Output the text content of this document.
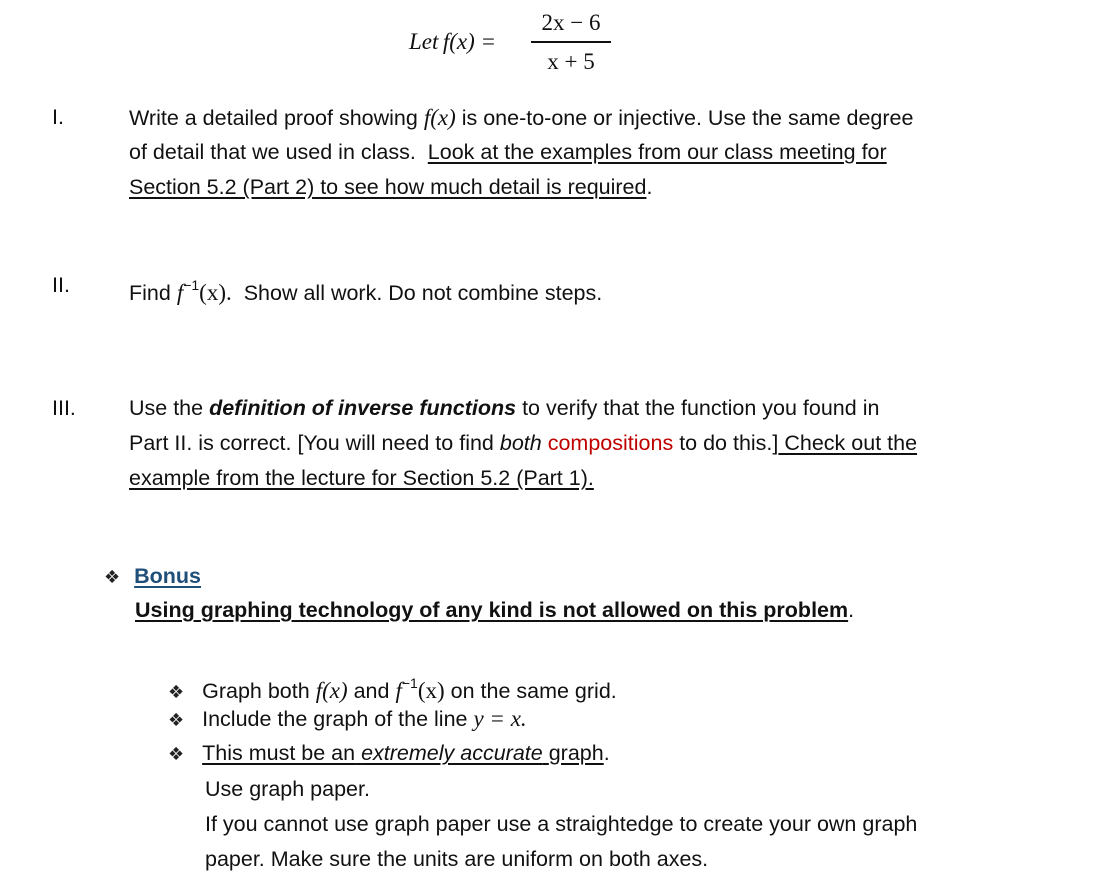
Let f(x) =
2x − 6
x + 5
I.	Write a detailed proof showing f(x) is one-to-one or injective. Use the same degree
of detail that we used in class. Look at the examples from our class meeting for
Section 5.2 (Part 2) to see how much detail is required.
II.	Find $f^{-1}(x)$. Show all work. Do not combine steps.
III. Use the definition of inverse functions to verify that the function you found in
Part II. is correct. [You will need to find both compositions to do this.] Check out the
example from the lecture for Section 5.2 (Part 1).
❖ Bonus
Using graphing technology of any kind is not allowed on this problem.
❖ Graph both f(x) and $f^{-1}(x)$ on the same grid.
❖ Include the graph of the line y = x.
❖ This must be an extremely accurate graph.
Use graph paper.
If you cannot use graph paper use a straightedge to create your own graph
paper. Make sure the units are uniform on both axes.
